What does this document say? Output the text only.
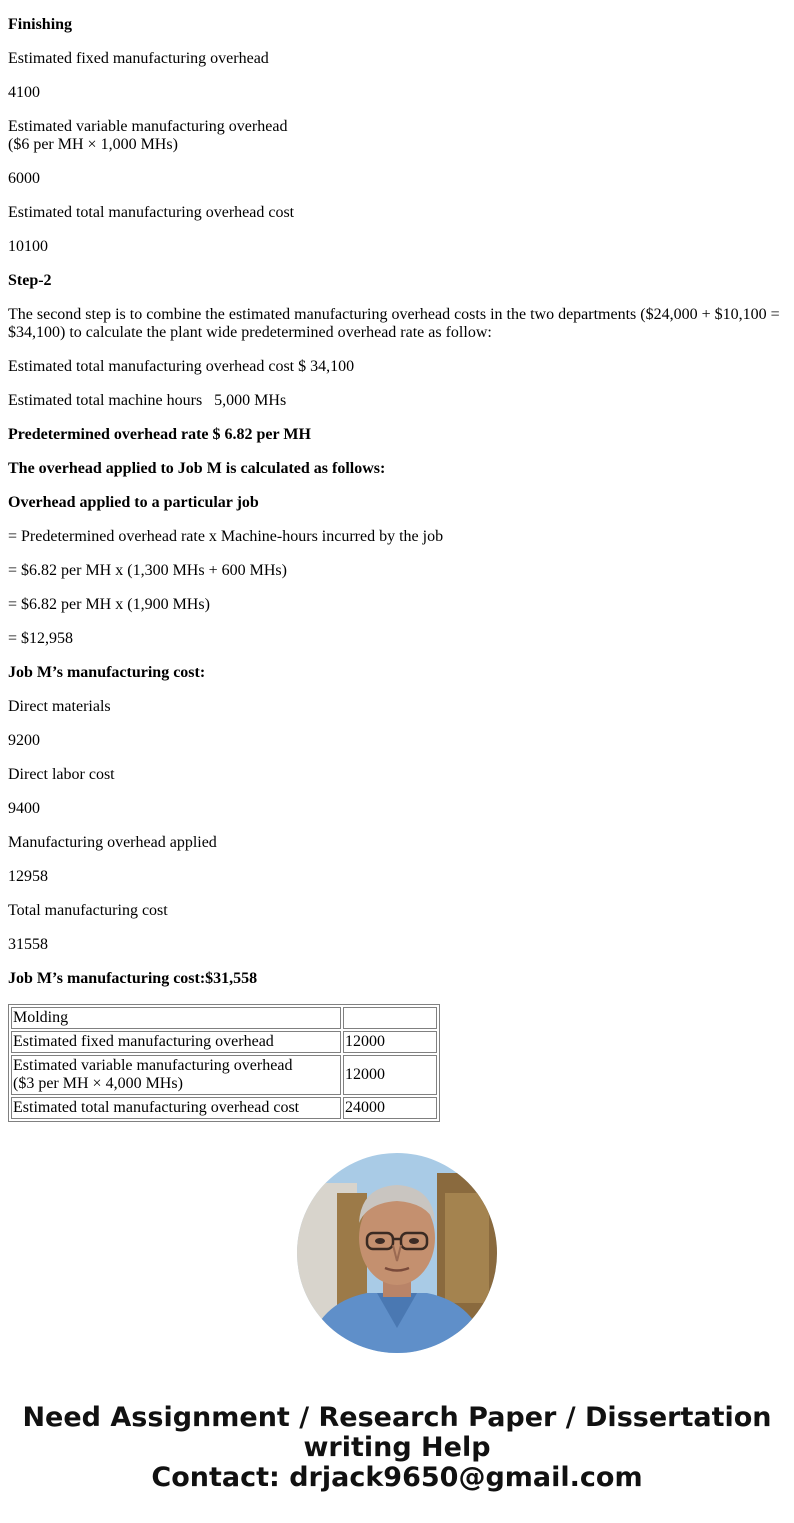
Finishing

Estimated fixed manufacturing overhead

4100

Estimated variable manufacturing overhead
($6 per MH × 1,000 MHs)

6000

Estimated total manufacturing overhead cost

10100

Step-2

The second step is to combine the estimated manufacturing overhead costs in the two departments ($24,000 + $10,100 = $34,100) to calculate the plant wide predetermined overhead rate as follow:

Estimated total manufacturing overhead cost $ 34,100

Estimated total machine hours   5,000 MHs

Predetermined overhead rate $ 6.82 per MH

The overhead applied to Job M is calculated as follows:

Overhead applied to a particular job

= Predetermined overhead rate x Machine-hours incurred by the job

= $6.82 per MH x (1,300 MHs + 600 MHs)

= $6.82 per MH x (1,900 MHs)

= $12,958

Job M’s manufacturing cost:

Direct materials

9200

Direct labor cost

9400

Manufacturing overhead applied

12958

Total manufacturing cost

31558

Job M’s manufacturing cost:$31,558

Molding	
Estimated fixed manufacturing overhead	12000

Estimated variable manufacturing overhead
($3 per MH × 4,000 MHs)	12000
Estimated total manufacturing overhead cost	24000
Need Assignment / Research Paper / Dissertation
writing Help
Contact: drjack9650@gmail.com
